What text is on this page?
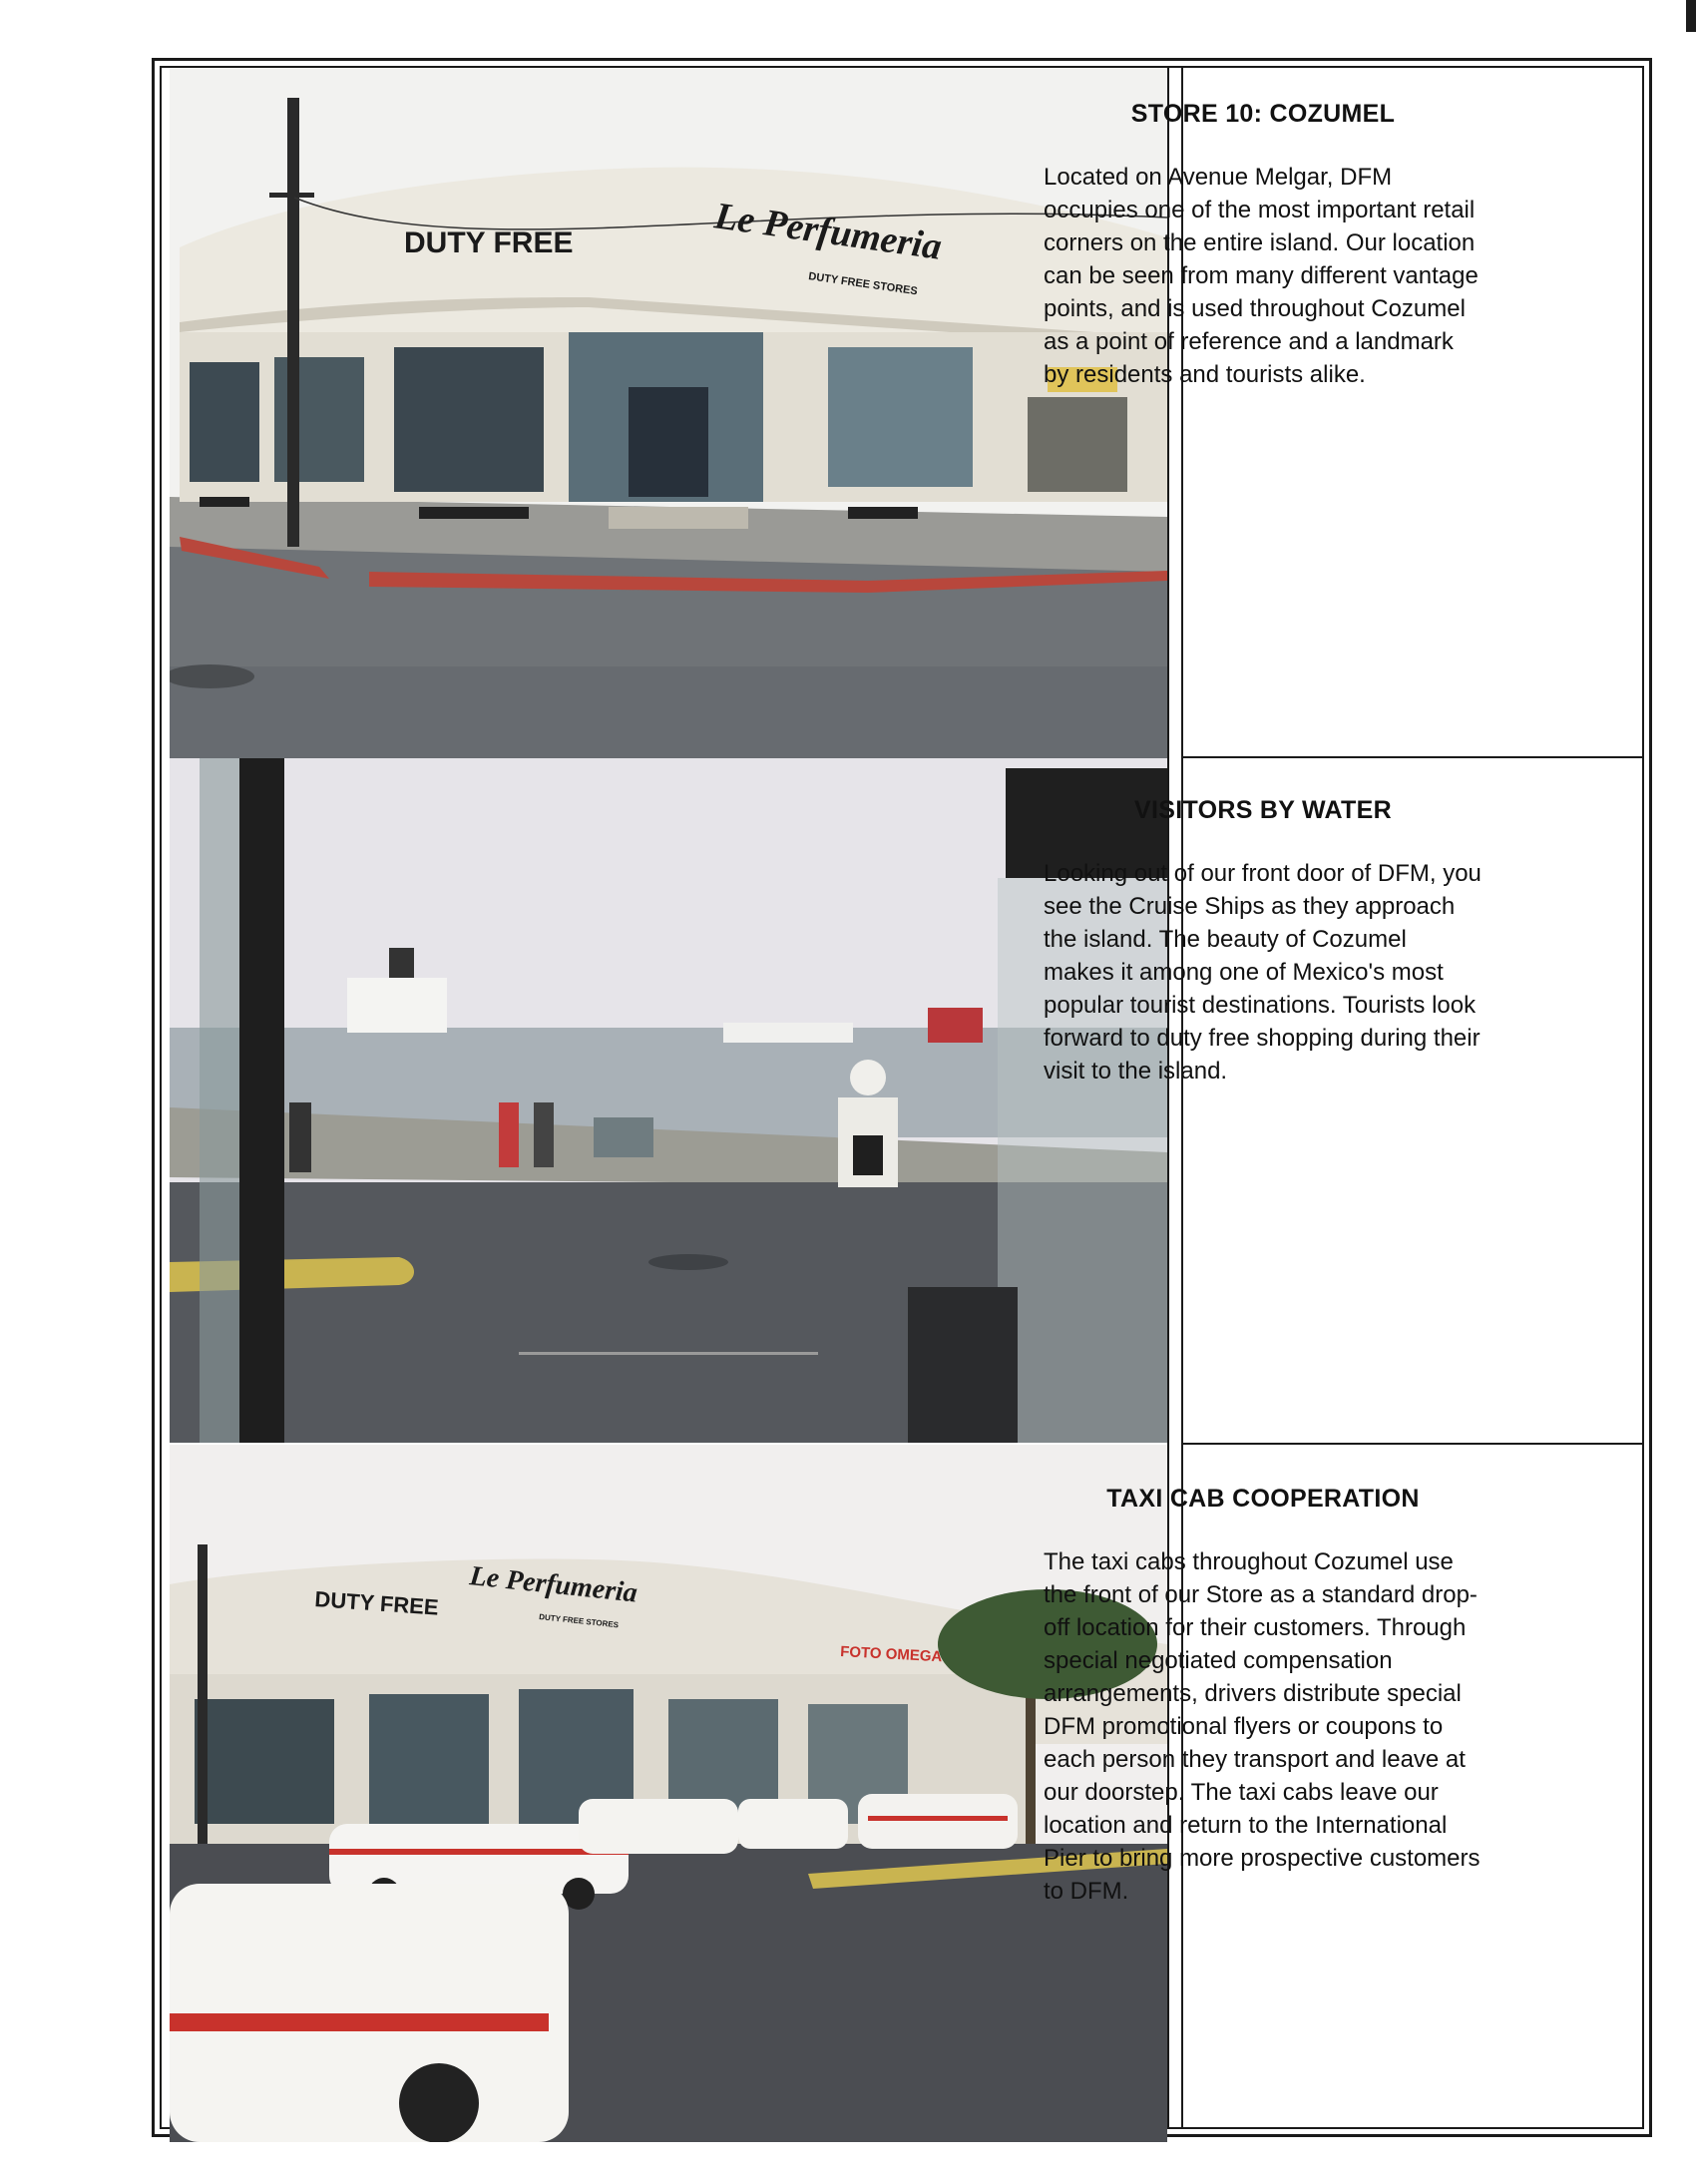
DUTY FREE	Le Perfumeria
DUTY FREE STORES
DUTY FREE Le Perfumeria
DUTY FREE STORES
FOTO OMEGA
STORE 10: COZUMEL

Located on Avenue Melgar, DFM occupies one of the most important retail corners on the entire island. Our location can be seen from many different vantage points, and is used throughout Cozumel as a point of reference and a landmark by residents and tourists alike.

VISITORS BY WATER

Looking out of our front door of DFM, you see the Cruise Ships as they approach the island. The beauty of Cozumel makes it among one of Mexico's most popular tourist destinations. Tourists look forward to duty free shopping during their visit to the island.

TAXI CAB COOPERATION

The taxi cabs throughout Cozumel use the front of our Store as a standard drop-off location for their customers. Through special negotiated compensation arrangements, drivers distribute special DFM promotional flyers or coupons to each person they transport and leave at our doorstep. The taxi cabs leave our location and return to the International Pier to bring more prospective customers to DFM.
